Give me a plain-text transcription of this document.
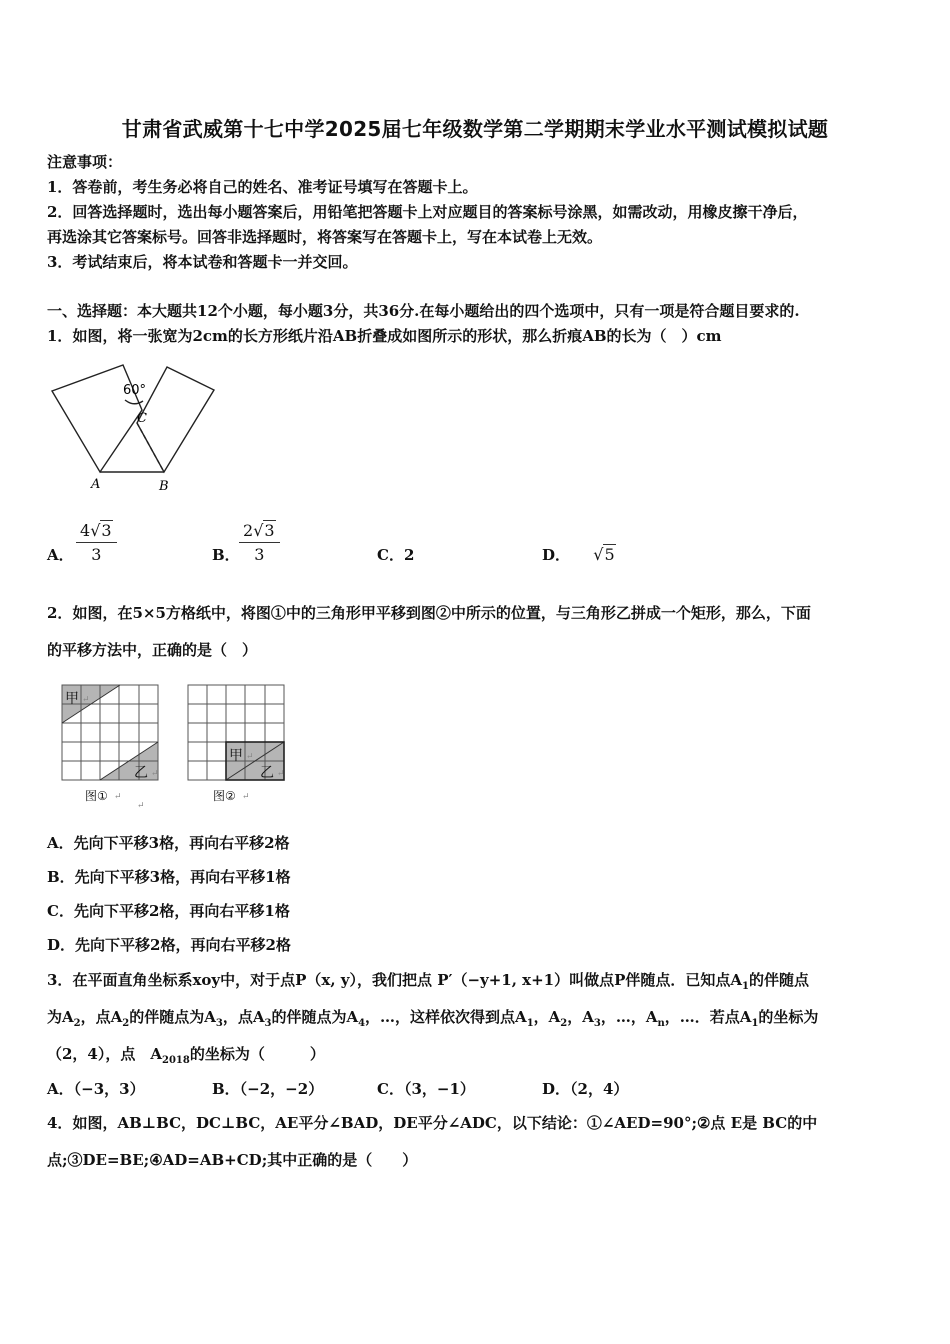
甘肃省武威第十七中学2025届七年级数学第二学期期末学业水平测试模拟试题
注意事项：
1．答卷前，考生务必将自己的姓名、准考证号填写在答题卡上。
2．回答选择题时，选出每小题答案后，用铅笔把答题卡上对应题目的答案标号涂黑，如需改动，用橡皮擦干净后，
再选涂其它答案标号。回答非选择题时，将答案写在答题卡上，写在本试卷上无效。
3．考试结束后，将本试卷和答题卡一并交回。
一、选择题：本大题共12个小题，每小题3分，共36分.在每小题给出的四个选项中，只有一项是符合题目要求的.
1．如图，将一张宽为2cm的长方形纸片沿AB折叠成如图所示的形状，那么折痕AB的长为（　）cm
60°
C
A	B
A． $\frac{4√3}{3}$	B． $\frac{2√3}{3}$	C．2	D． √5
2．如图，在5×5方格纸中，将图①中的三角形甲平移到图②中所示的位置，与三角形乙拼成一个矩形，那么，下面
的平移方法中，正确的是（　）
甲 ↵
乙 ↵
图① ↵
↵
甲 ↵
乙 ↵
图② ↵
A．先向下平移3格，再向右平移2格
B．先向下平移3格，再向右平移1格
C．先向下平移2格，再向右平移1格
D．先向下平移2格，再向右平移2格
3．在平面直角坐标系xoy中，对于点P（x, y），我们把点 P′（−y+1, x+1）叫做点P伴随点．已知点$A_1$的伴随点
为$A_2$，点$A_2$的伴随点为$A_3$，点$A_3$的伴随点为$A_4$，…，这样依次得到点$A_1$，$A_2$，$A_3$，…，$A_n$，…．若点$A_1$的坐标为
（2，4），点　$A_{2018}$的坐标为（　　　）
A．（−3，3）	B．（−2，−2）	C．（3，−1）	D．（2，4）
4．如图，AB⊥BC，DC⊥BC，AE平分∠BAD，DE平分∠ADC，以下结论：①∠AED=90°;②点 E是 BC的中
点;③DE=BE;④AD=AB+CD;其中正确的是（　　）
